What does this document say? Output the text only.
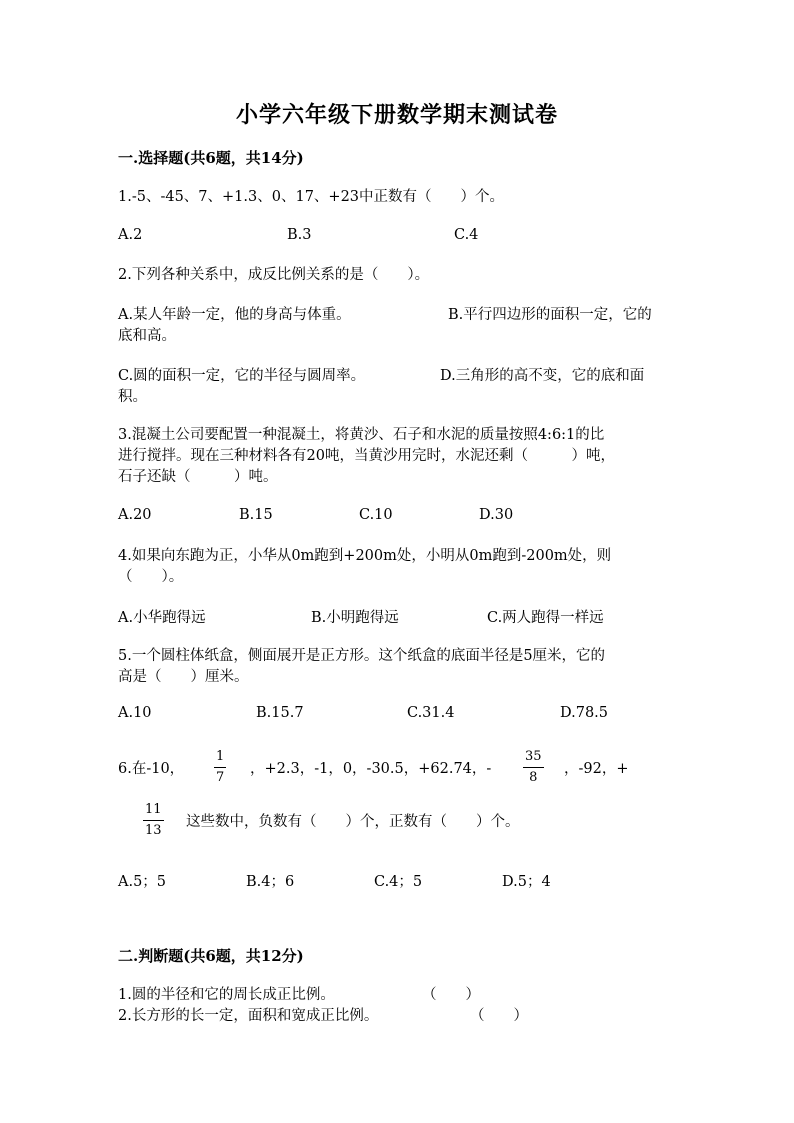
小学六年级下册数学期末测试卷
一.选择题(共6题，共14分)
1.-5、-45、7、+1.3、0、17、+23中正数有（　　）个。
A.2	B.3	C.4
2.下列各种关系中，成反比例关系的是（　　）。
A.某人年龄一定，他的身高与体重。	B.平行四边形的面积一定，它的
底和高。
C.圆的面积一定，它的半径与圆周率。	D.三角形的高不变，它的底和面
积。
3.混凝土公司要配置一种混凝土，将黄沙、石子和水泥的质量按照4:6:1的比
进行搅拌。现在三种材料各有20吨，当黄沙用完时，水泥还剩（　　　）吨，
石子还缺（　　　）吨。
A.20	B.15	C.10	D.30
4.如果向东跑为正，小华从0m跑到+200m处，小明从0m跑到-200m处，则
（　　）。
A.小华跑得远	B.小明跑得远	C.两人跑得一样远
5.一个圆柱体纸盒，侧面展开是正方形。这个纸盒的底面半径是5厘米，它的
高是（　　）厘米。
A.10	B.15.7	C.31.4	D.78.5
6.在-10，
1
7
，+2.3，-1，0，-30.5，+62.74，-
35
8
，-92，+
11
13
这些数中，负数有（　　）个，正数有（　　）个。
A.5；5	B.4；6	C.4；5	D.5；4
二.判断题(共6题，共12分)
1.圆的半径和它的周长成正比例。	（　　）
2.长方形的长一定，面积和宽成正比例。	（　　）
